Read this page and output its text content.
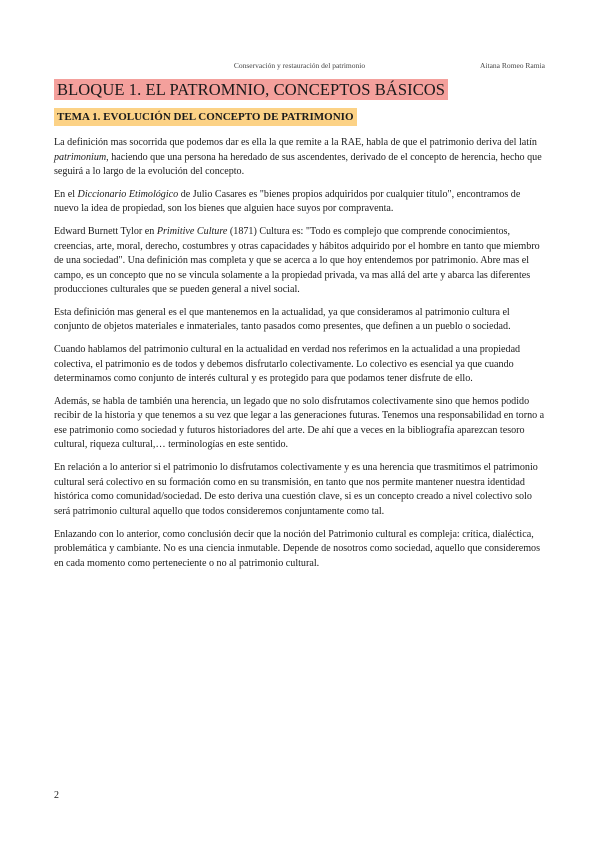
Conservación y restauración del patrimonio	Aitana Romeo Ramia
BLOQUE 1. EL PATROMNIO, CONCEPTOS BÁSICOS
TEMA 1. EVOLUCIÓN DEL CONCEPTO DE PATRIMONIO

La definición mas socorrida que podemos dar es ella la que remite a la RAE, habla de que el patrimonio deriva del latín patrimonium, haciendo que una persona ha heredado de sus ascendentes, derivado de el concepto de herencia, hecho que seguirá a lo largo de la evolución del concepto.

En el Diccionario Etimológico de Julio Casares es "bienes propios adquiridos por cualquier título", encontramos de nuevo la idea de propiedad, son los bienes que alguien hace suyos por compraventa.

Edward Burnett Tylor en Primitive Culture (1871) Cultura es: "Todo es complejo que comprende conocimientos, creencias, arte, moral, derecho, costumbres y otras capacidades y hábitos adquirido por el hombre en tanto que miembro de una sociedad". Una definición mas completa y que se acerca a lo que hoy entendemos por patrimonio. Abre mas el campo, es un concepto que no se vincula solamente a la propiedad privada, va mas allá del arte y abarca las diferentes producciones culturales que se pueden general a nivel social.

Esta definición mas general es el que mantenemos en la actualidad, ya que consideramos al patrimonio cultura el conjunto de objetos materiales e inmateriales, tanto pasados como presentes, que definen a un pueblo o sociedad.

Cuando hablamos del patrimonio cultural en la actualidad en verdad nos referimos en la actualidad a una propiedad colectiva, el patrimonio es de todos y debemos disfrutarlo colectivamente. Lo colectivo es esencial ya que cuando determinamos como conjunto de interés cultural y es protegido para que podamos tener disfrute de ello.

Además, se habla de también una herencia, un legado que no solo disfrutamos colectivamente sino que hemos podido recibir de la historia y que tenemos a su vez que legar a las generaciones futuras. Tenemos una responsabilidad en torno a ese patrimonio como sociedad y futuros historiadores del arte. De ahí que a veces en la bibliografía aparezcan tesoro cultural, riqueza cultural,… terminologías en este sentido.

En relación a lo anterior si el patrimonio lo disfrutamos colectivamente y es una herencia que trasmitimos el patrimonio cultural será colectivo en su formación como en su transmisión, en tanto que nos permite mantener nuestra identidad histórica como comunidad/sociedad. De esto deriva una cuestión clave, si es un concepto creado a nivel colectivo solo será patrimonio cultural aquello que todos consideremos conjuntamente como tal.

Enlazando con lo anterior, como conclusión decir que la noción del Patrimonio cultural es compleja: crítica, dialéctica, problemática y cambiante. No es una ciencia inmutable. Depende de nosotros como sociedad, aquello que consideremos en cada momento como perteneciente o no al patrimonio cultural.

2
